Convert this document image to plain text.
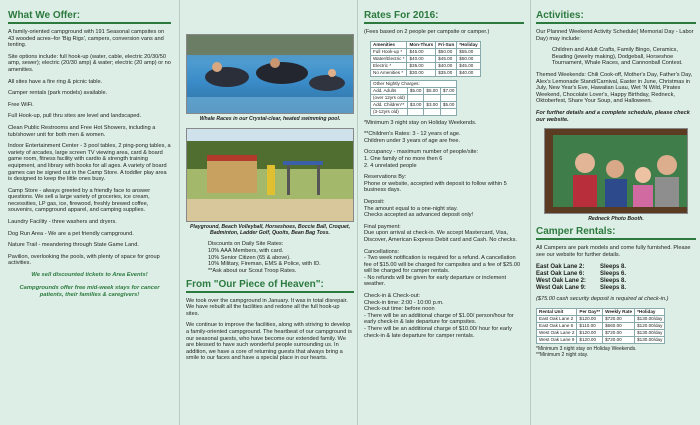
What We Offer:
A family-oriented campground with 191 Seasonal campsites on 43 wooded acres–for 'Big Rigs', campers, conversion vans and tenting.
Site options include: full hook-up (water, cable, electric 20/30/50 amp, sewer); electric (20/30 amp) & water; electric (20 amp) or no amenities.
All sites have a fire ring & picnic table.
Camper rentals (park models) available.
Free WiFi.
Full Hook-up, pull thru sites are level and landscaped.
Clean Public Restrooms and Free Hot Showers, including a tub/shower unit for both men & women.
Indoor Entertainment Center - 3 pool tables, 2 ping-pong tables, a variety of arcades, large screen TV viewing area, card & board game room, fitness facility with cardio & strength training equipment, and library with books for all ages. A variety of board games can be signed out in the Camp Store. A toddler play area is designed to keep the little ones busy.
Camp Store - always greeted by a friendly face to answer questions. We sell a large variety of groceries, ice cream, necessities, LP gas, ice, firewood, freshly brewed coffee, souvenirs, campground apparel, and camping supplies.
Laundry Facility - three washers and dryers.
Dog Run Area - We are a pet friendly campground.
Nature Trail - meandering through State Game Land.
Pavilion, overlooking the pools, with plenty of space for group activities.
We sell discounted tickets to Area Events!
Campgrounds offer free mid-week stays for cancer patients, their families & caregivers!
Whale Races in our Crystal-clear, heated swimming pool.
Playground, Beach Volleyball, Horseshoes, Boccie Ball, Croquet, Badminton, Ladder Golf, Quoits, Bean Bag Toss.
Discounts on Daily Site Rates:
10% AAA Members, with card.
10% Senior Citizen (65 & above).
10% Military, Fireman, EMS & Police, with ID.
**Ask about our Scout Troop Rates.
From "Our Piece of Heaven":
We took over the campground in January. It was in total disrepair. We have rebuilt all the facilities and redone all the full hook-up sites.
We continue to improve the facilities, along with striving to develop a family-oriented campground. The heartbeat of our campground is our seasonal guests, who have become our extended family. We are blessed to have such wonderful people surrounding us. In addition, we have a core of returning guests that always bring a smile to our faces and have a special place in our hearts.
Rates For 2016:
(Fees based on 2 people per campsite or camper.)
Amenities	Mon-Thurs	Fri-Sun	*Holiday
Full Hook-up *	$45.00	$50.00	$55.00
Water/Electric *	$40.00	$45.00	$50.00
Electric *	$35.00	$40.00	$45.00
No Amenities *	$30.00	$35.00	$40.00
Other Nightly Charges:			
Add. Adults	$5.00	$5.00	$7.00
(over 12yrs old)			
Add. Children**	$3.00	$3.00	$5.00
(3-12yrs old)			
*Minimum 3 night stay on Holiday Weekends.
**Children's Rates: 3 - 12 years of age.
Children under 3 years of age are free.
Occupancy - maximum number of people/site:
1. One family of no more then 6
2. 4 unrelated people
Reservations By:
Phone or website, accepted with deposit to follow within 5 business days.
Deposit:
The amount equal to a one-night stay.
Checks accepted as advanced deposit only!
Final payment:
Due upon arrival at check-in. We accept Mastercard, Visa, Discover, American Express Debit card and Cash. No checks.
Cancellations:
- Two week notification is required for a refund. A cancellation fee of $15.00 will be charged for campsites and a fee of $25.00 will be charged for camper rentals.
- No refunds will be given for early departure or inclement weather.
Check-in & Check-out:
Check-in time: 2:00 - 10:00 p.m.
Check-out time: before noon
- There will be an additional charge of $1.00/ person/hour for early check-in & late departure for campsites.
- There will be an additional charge of $10.00/ hour for early check-in & late departure for camper rentals.
Activities:
Our Planned Weekend Activity Schedule( Memorial Day - Labor Day) may include:
Children and Adult Crafts, Family Bingo, Ceramics, Beading (jewelry making), Dodgeball, Horseshoe Tournament, Whale Races, and Cannonball Contest.
Themed Weekends: Chili Cook-off, Mother's Day, Father's Day, Alex's Lemonade Stand/Carnival, Easter in June, Christmas in July, New Year's Eve, Hawaiian Luau, Wet 'N Wild, Pirates Weekend, Chocolate Lover's, Happy Birthday, Redneck, Oktoberfest, Share Your Soup, and Halloween.
For further details and a complete schedule, please check our website.
Redneck Photo Booth.
Camper Rentals:
All Campers are park models and come fully furnished. Please see our website for further details.
East Oak Lane 2:	Sleeps 8.
East Oak Lane 6:	Sleeps 6.
West Oak Lane 2: Sleeps 8.
West Oak Lane 9: Sleeps 8.
($75.00 cash security deposit is required at check-in.)
Rental Unit	Per Day**	Weekly Rate	*Holiday
East Oak Lane 2	$120.00	$720.00	$130.00/day
East Oak Lane 6	$110.00	$660.00	$120.00/day
West Oak Lane 2	$120.00	$720.00	$130.00/day
West Oak Lane 9	$120.00	$720.00	$130.00/day
*Minimum 3 night stay on Holiday Weekends.
**Minimum 2 night stay.
